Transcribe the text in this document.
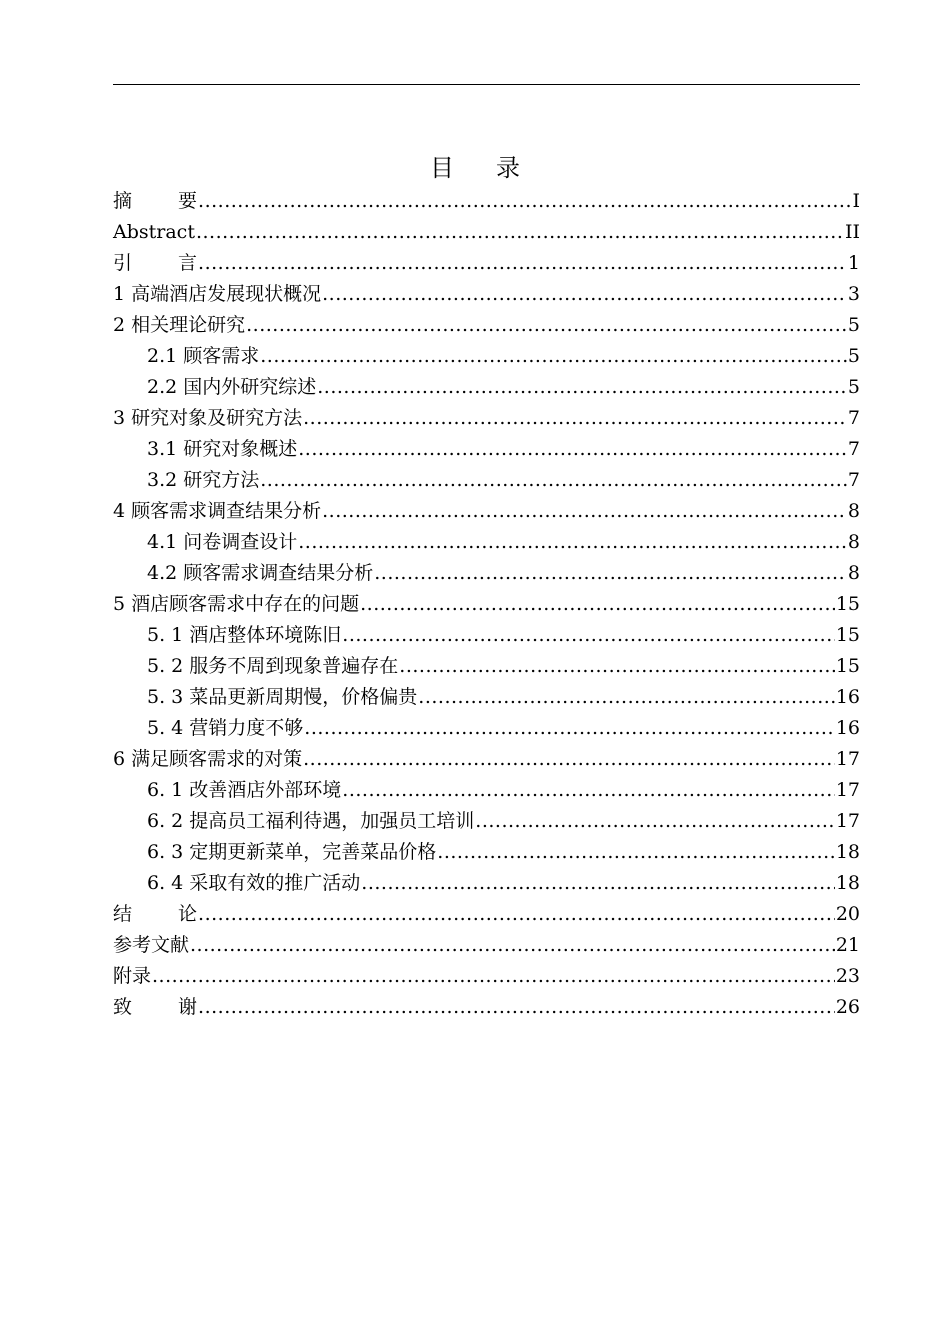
目录
摘要 .....	I
Abstract .....	II
引言 .....	1
1 高端酒店发展现状概况 .....	3
2 相关理论研究 .....	5
2.1 顾客需求 .....	5
2.2 国内外研究综述 .....	5
3 研究对象及研究方法 .....	7
3.1 研究对象概述 .....	7
3.2 研究方法 .....	7
4 顾客需求调查结果分析 .....	8
4.1 问卷调查设计 .....	8
4.2 顾客需求调查结果分析 .....	8
5 酒店顾客需求中存在的问题 .....	15
5. 1 酒店整体环境陈旧 .....	15
5. 2 服务不周到现象普遍存在 .....	15
5. 3 菜品更新周期慢，价格偏贵 .....	16
5. 4 营销力度不够 .....	16
6 满足顾客需求的对策 .....	17
6. 1 改善酒店外部环境 .....	17
6. 2 提高员工福利待遇，加强员工培训 .....	17
6. 3 定期更新菜单，完善菜品价格 .....	18
6. 4 采取有效的推广活动 .....	18
结论 .....	20
参考文献 .....	21
附录 .....	23
致谢 .....	26
